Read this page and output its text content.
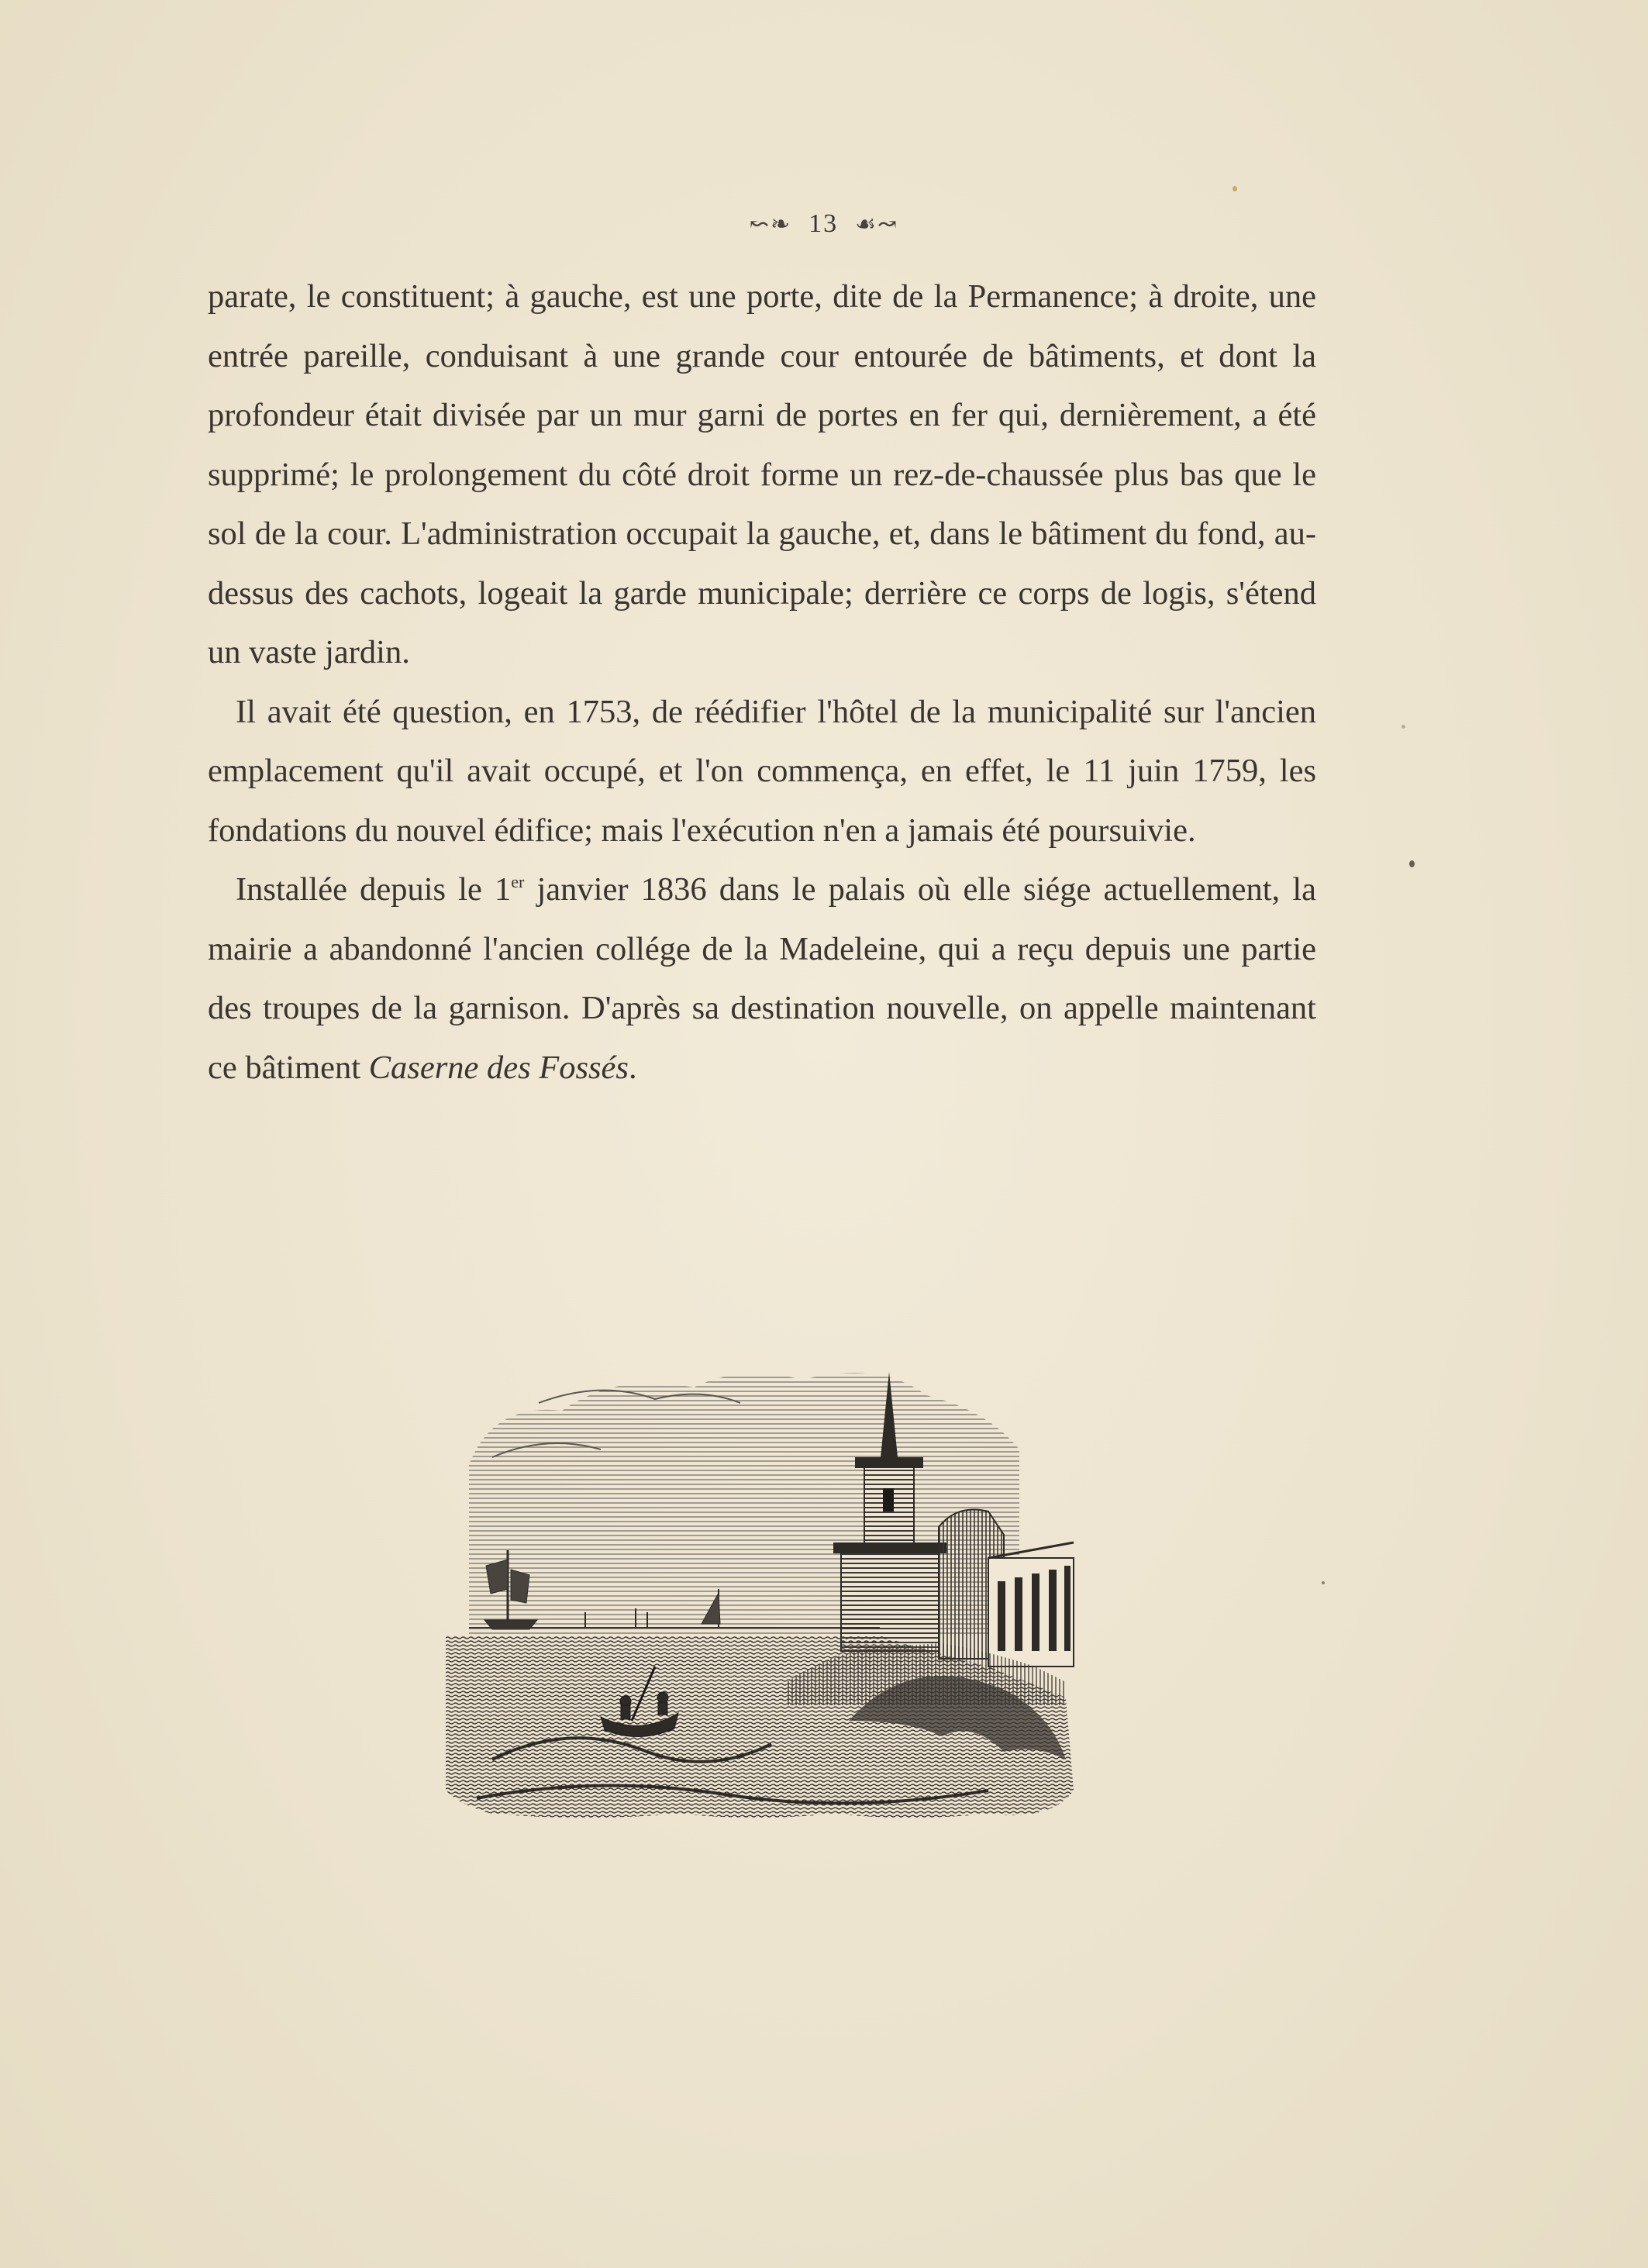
↜❧ 13 ☙↝

parate, le constituent; à gauche, est une porte, dite de la Permanence; à droite, une entrée pareille, conduisant à une grande cour entourée de bâtiments, et dont la profondeur était divisée par un mur garni de portes en fer qui, dernièrement, a été supprimé; le prolongement du côté droit forme un rez-de-chaussée plus bas que le sol de la cour. L'administration occupait la gauche, et, dans le bâtiment du fond, au-dessus des cachots, logeait la garde municipale; derrière ce corps de logis, s'étend un vaste jardin.

Il avait été question, en 1753, de réédifier l'hôtel de la municipalité sur l'ancien emplacement qu'il avait occupé, et l'on commença, en effet, le 11 juin 1759, les fondations du nouvel édifice; mais l'exécution n'en a jamais été poursuivie.

Installée depuis le 1er janvier 1836 dans le palais où elle siége actuellement, la mairie a abandonné l'ancien collége de la Madeleine, qui a reçu depuis une partie des troupes de la garnison. D'après sa destination nouvelle, on appelle maintenant ce bâtiment Caserne des Fossés.
